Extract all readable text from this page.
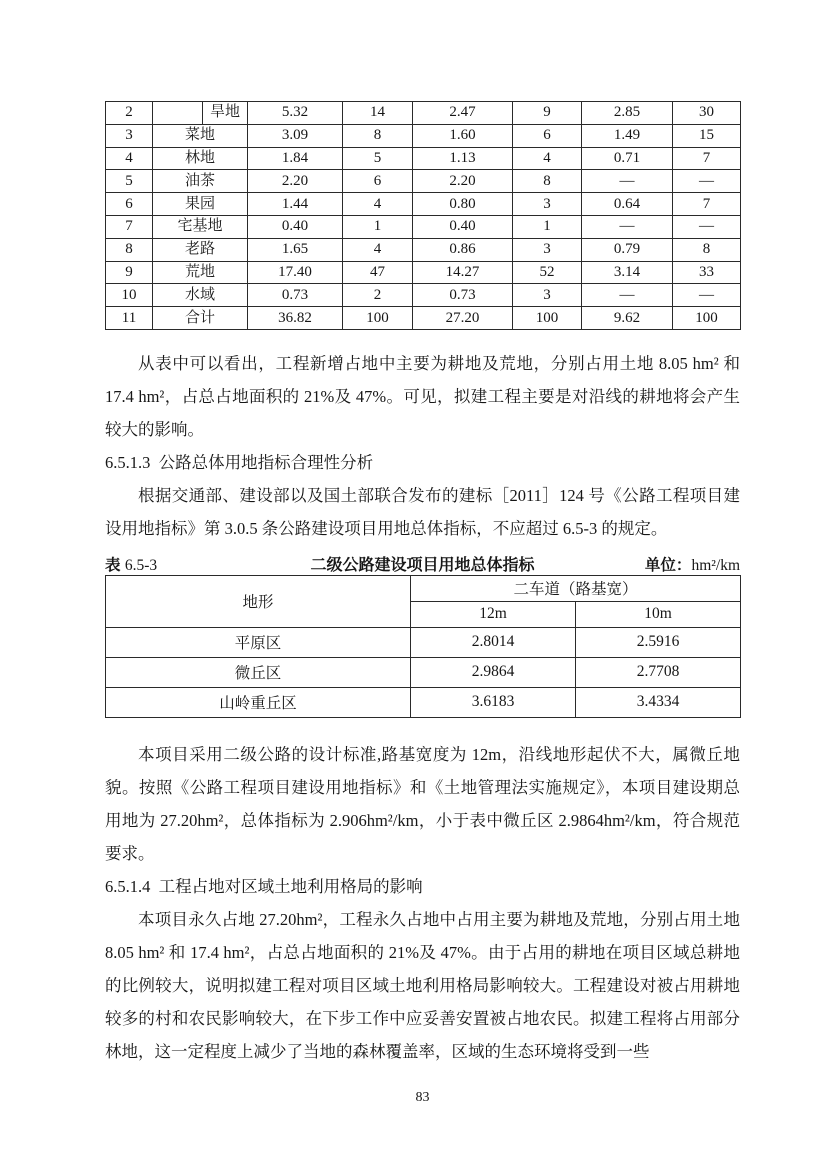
2		旱地	5.32	14	2.47	9	2.85	30
3	菜地		3.09	8	1.60	6	1.49	15
4	林地		1.84	5	1.13	4	0.71	7
5	油茶		2.20	6	2.20	8	—	—
6	果园		1.44	4	0.80	3	0.64	7
7	宅基地		0.40	1	0.40	1	—	—
8	老路		1.65	4	0.86	3	0.79	8
9	荒地		17.40	47	14.27	52	3.14	33
10	水域		0.73	2	0.73	3	—	—
11	合计		36.82	100	27.20	100	9.62	100

从表中可以看出，工程新增占地中主要为耕地及荒地，分别占用土地 8.05 hm² 和 17.4 hm²，占总占地面积的 21%及 47%。可见，拟建工程主要是对沿线的耕地将会产生较大的影响。

6.5.1.3  公路总体用地指标合理性分析

根据交通部、建设部以及国土部联合发布的建标［2011］124 号《公路工程项目建设用地指标》第 3.0.5 条公路建设项目用地总体指标，不应超过 6.5-3 的规定。

表 6.5-3	二级公路建设项目用地总体指标	单位：hm²/km
地形	二车道（路基宽）	
	12m	10m
平原区	2.8014	2.5916
微丘区	2.9864	2.7708
山岭重丘区	3.6183	3.4334

本项目采用二级公路的设计标准,路基宽度为 12m，沿线地形起伏不大，属微丘地貌。按照《公路工程项目建设用地指标》和《土地管理法实施规定》，本项目建设期总用地为 27.20hm²，总体指标为 2.906hm²/km，小于表中微丘区 2.9864hm²/km，符合规范要求。

6.5.1.4  工程占地对区域土地利用格局的影响

本项目永久占地 27.20hm²，工程永久占地中占用主要为耕地及荒地，分别占用土地 8.05 hm² 和 17.4 hm²，占总占地面积的 21%及 47%。由于占用的耕地在项目区域总耕地的比例较大，说明拟建工程对项目区域土地利用格局影响较大。工程建设对被占用耕地较多的村和农民影响较大，在下步工作中应妥善安置被占地农民。拟建工程将占用部分林地，这一定程度上减少了当地的森林覆盖率，区域的生态环境将受到一些

83
